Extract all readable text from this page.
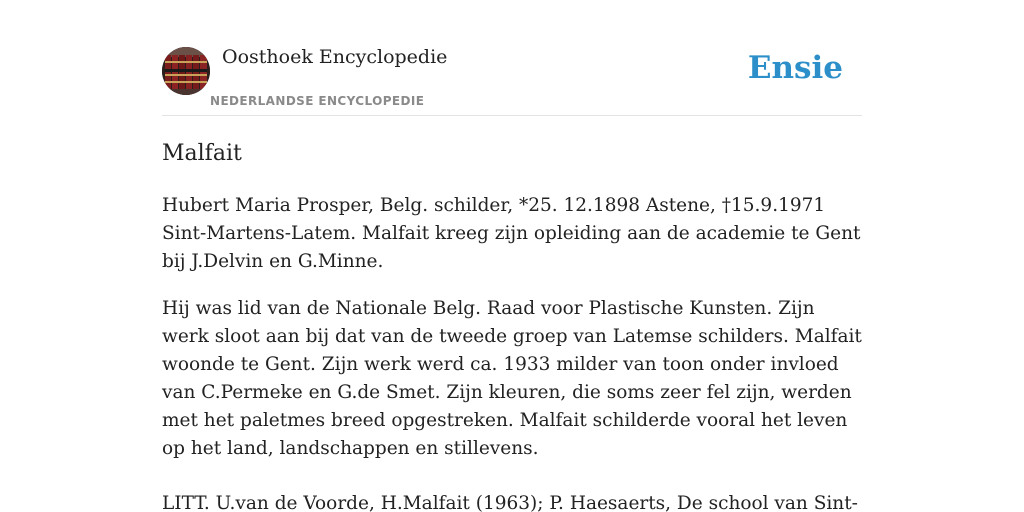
Oosthoek Encyclopedie
NEDERLANDSE ENCYCLOPEDIE
Ensie
Malfait

Hubert Maria Prosper, Belg. schilder, *25. 12.1898 Astene, †15.9.1971 Sint-Martens-Latem. Malfait kreeg zijn opleiding aan de academie te Gent bij J.Delvin en G.Minne.

Hij was lid van de Nationale Belg. Raad voor Plastische Kunsten. Zijn werk sloot aan bij dat van de tweede groep van Latemse schilders. Malfait woonde te Gent. Zijn werk werd ca. 1933 milder van toon onder invloed van C.Permeke en G.de Smet. Zijn kleuren, die soms zeer fel zijn, werden met het paletmes breed opgestreken. Malfait schilderde vooral het leven op het land, landschappen en stillevens.

LITT. U.van de Voorde, H.Malfait (1963); P. Haesaerts, De school van Sint-
